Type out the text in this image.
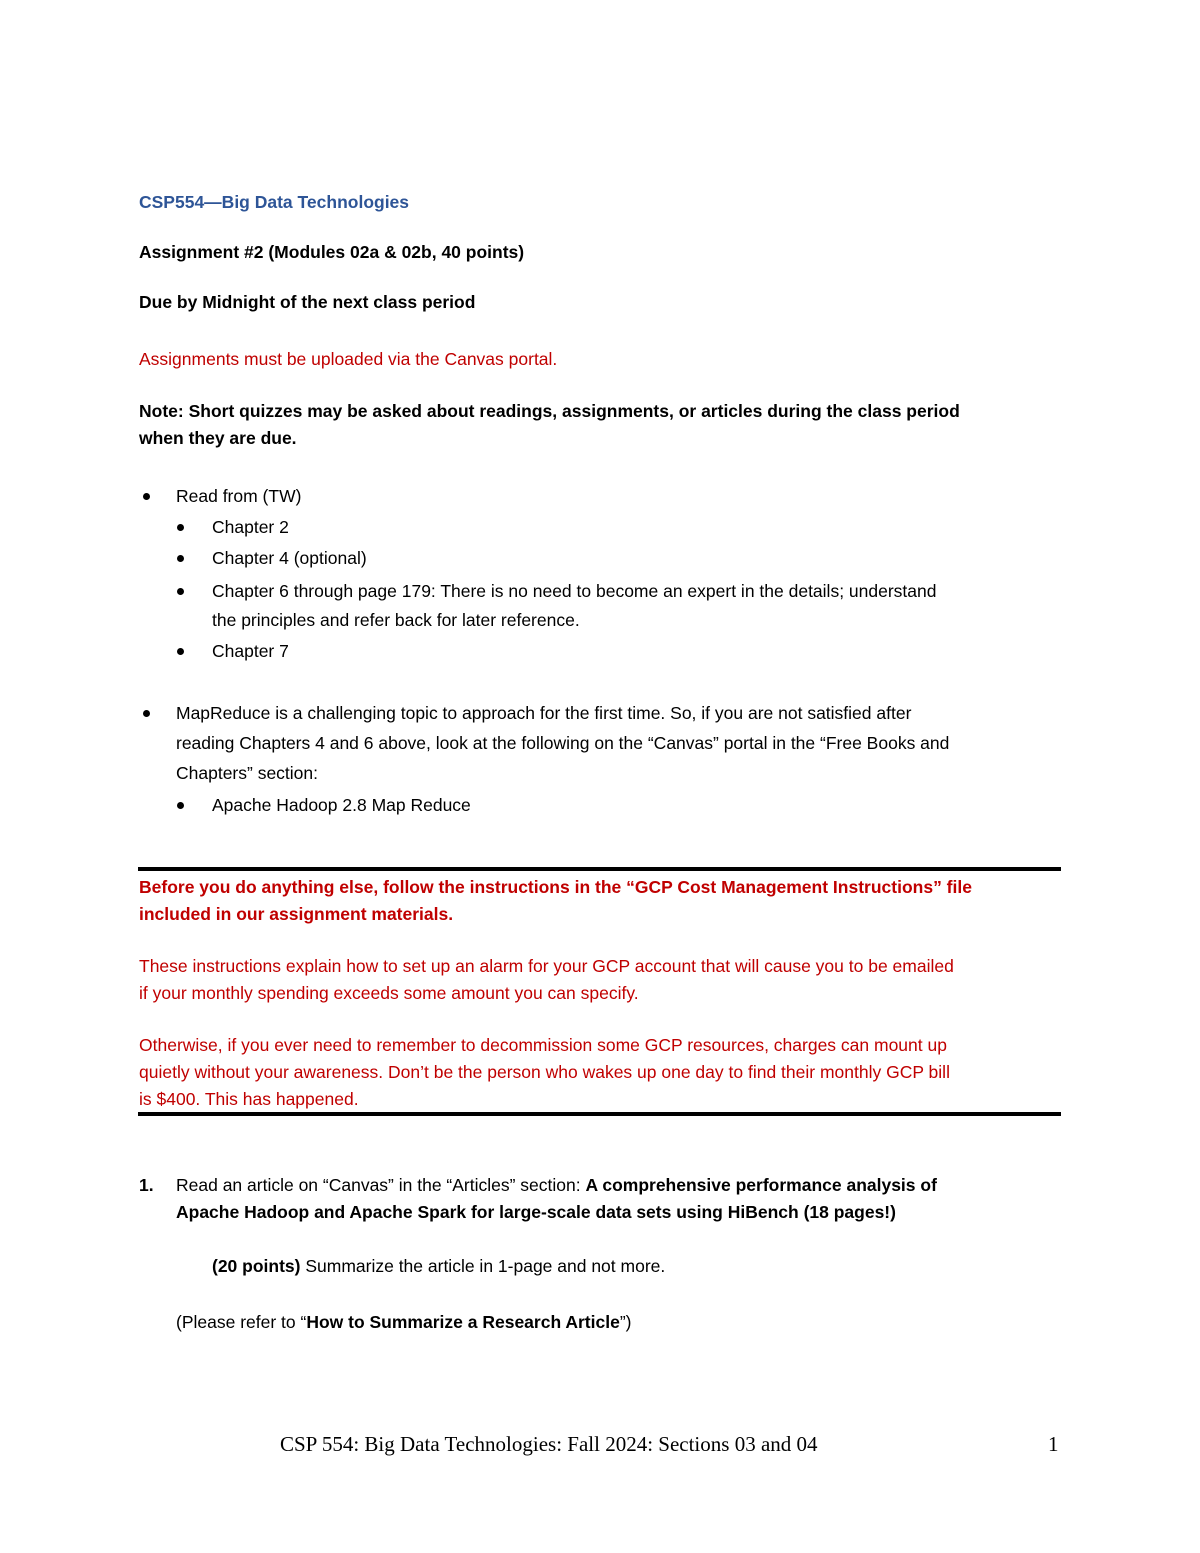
CSP554—Big Data Technologies
Assignment #2 (Modules 02a & 02b, 40 points)
Due by Midnight of the next class period
Assignments must be uploaded via the Canvas portal.
Note: Short quizzes may be asked about readings, assignments, or articles during the class period
when they are due.
Read from (TW)
Chapter 2
Chapter 4 (optional)
Chapter 6 through page 179: There is no need to become an expert in the details; understand
the principles and refer back for later reference.
Chapter 7
MapReduce is a challenging topic to approach for the first time. So, if you are not satisfied after
reading Chapters 4 and 6 above, look at the following on the “Canvas” portal in the “Free Books and
Chapters” section:
Apache Hadoop 2.8 Map Reduce
Before you do anything else, follow the instructions in the “GCP Cost Management Instructions” file
included in our assignment materials.
These instructions explain how to set up an alarm for your GCP account that will cause you to be emailed
if your monthly spending exceeds some amount you can specify.
Otherwise, if you ever need to remember to decommission some GCP resources, charges can mount up
quietly without your awareness. Don’t be the person who wakes up one day to find their monthly GCP bill
is $400. This has happened.
1. Read an article on “Canvas” in the “Articles” section: A comprehensive performance analysis of
Apache Hadoop and Apache Spark for large-scale data sets using HiBench (18 pages!)
(20 points) Summarize the article in 1-page and not more.
(Please refer to “How to Summarize a Research Article”)
CSP 554: Big Data Technologies: Fall 2024: Sections 03 and 04	1
